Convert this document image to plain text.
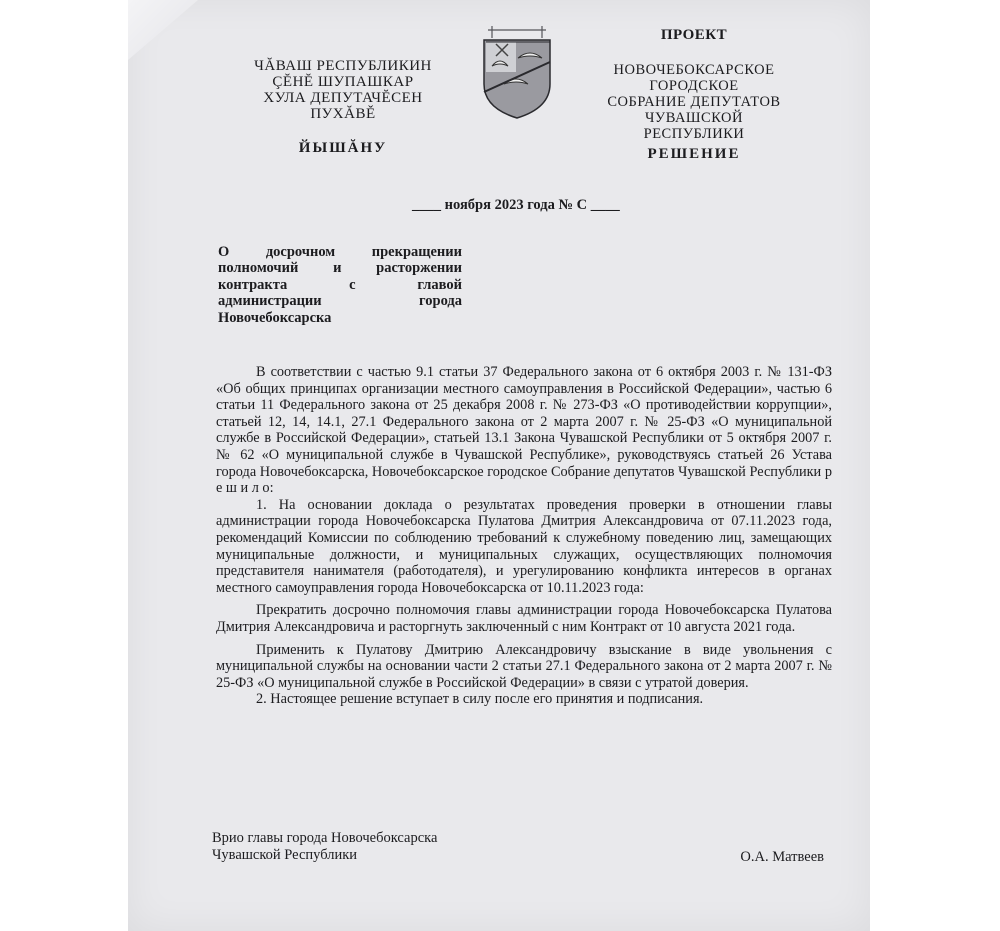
ЧĂВАШ РЕСПУБЛИКИН
ÇĔНĔ ШУПАШКАР
ХУЛА ДЕПУТАЧĔСЕН
ПУХĂВĚ
ЙЫШĂНУ
ПРОЕКТ
НОВОЧЕБОКСАРСКОЕ
ГОРОДСКОЕ
СОБРАНИЕ ДЕПУТАТОВ
ЧУВАШСКОЙ РЕСПУБЛИКИ
РЕШЕНИЕ
____ ноября 2023 года № С ____
О досрочном прекращении
полномочий и расторжении
контракта с главой
администрации города
Новочебоксарска
В соответствии с частью 9.1 статьи 37 Федерального закона от 6 октября 2003 г. № 131-ФЗ «Об общих принципах организации местного самоуправления в Российской Федерации», частью 6 статьи 11 Федерального закона от 25 декабря 2008 г. № 273-ФЗ «О противодействии коррупции», статьей 12, 14, 14.1, 27.1 Федерального закона от 2 марта 2007 г. № 25-ФЗ «О муниципальной службе в Российской Федерации», статьей 13.1 Закона Чувашской Республики от 5 октября 2007 г. № 62 «О муниципальной службе в Чувашской Республике», руководствуясь статьей 26 Устава города Новочебоксарска, Новочебоксарское городское Собрание депутатов Чувашской Республики р е ш и л о:
1. На основании доклада о результатах проведения проверки в отношении главы администрации города Новочебоксарска Пулатова Дмитрия Александровича от 07.11.2023 года, рекомендаций Комиссии по соблюдению требований к служебному поведению лиц, замещающих муниципальные должности, и муниципальных служащих, осуществляющих полномочия представителя нанимателя (работодателя), и урегулированию конфликта интересов в органах местного самоуправления города Новочебоксарска от 10.11.2023 года:
Прекратить досрочно полномочия главы администрации города Новочебоксарска Пулатова Дмитрия Александровича и расторгнуть заключенный с ним Контракт от 10 августа 2021 года.
Применить к Пулатову Дмитрию Александровичу взыскание в виде увольнения с муниципальной службы на основании части 2 статьи 27.1 Федерального закона от 2 марта 2007 г. № 25-ФЗ «О муниципальной службе в Российской Федерации» в связи с утратой доверия.
2. Настоящее решение вступает в силу после его принятия и подписания.
Врио главы города Новочебоксарска
Чувашской Республики	О.А. Матвеев
